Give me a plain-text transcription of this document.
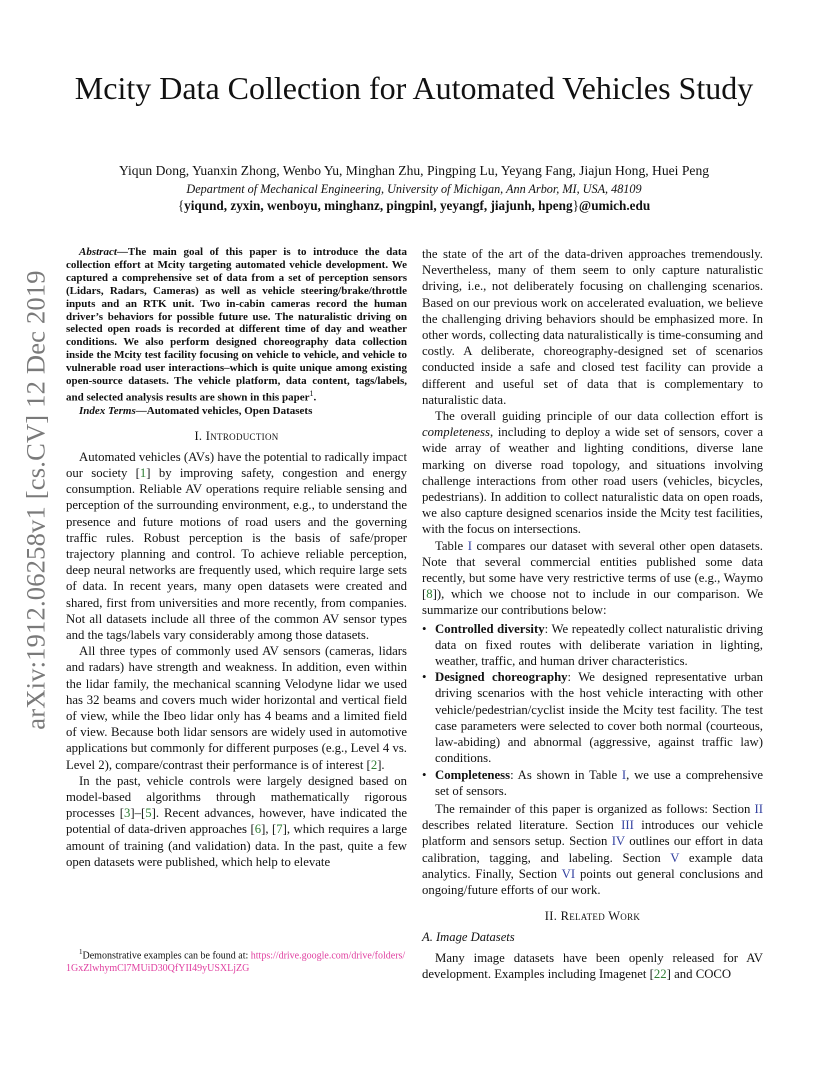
arXiv:1912.06258v1 [cs.CV] 12 Dec 2019
Mcity Data Collection for Automated Vehicles Study
Yiqun Dong, Yuanxin Zhong, Wenbo Yu, Minghan Zhu, Pingping Lu, Yeyang Fang, Jiajun Hong, Huei Peng
Department of Mechanical Engineering, University of Michigan, Ann Arbor, MI, USA, 48109
{yiqund, zyxin, wenboyu, minghanz, pingpinl, yeyangf, jiajunh, hpeng}@umich.edu

Abstract—The main goal of this paper is to introduce the data collection effort at Mcity targeting automated vehicle development. We captured a comprehensive set of data from a set of perception sensors (Lidars, Radars, Cameras) as well as vehicle steering/brake/throttle inputs and an RTK unit. Two in-cabin cameras record the human driver’s behaviors for possible future use. The naturalistic driving on selected open roads is recorded at different time of day and weather conditions. We also perform designed choreography data collection inside the Mcity test facility focusing on vehicle to vehicle, and vehicle to vulnerable road user interactions–which is quite unique among existing open-source datasets. The vehicle platform, data content, tags/labels, and selected analysis results are shown in this paper$^1$.

Index Terms—Automated vehicles, Open Datasets

I. Introduction

Automated vehicles (AVs) have the potential to radically impact our society [1] by improving safety, congestion and energy consumption. Reliable AV operations require reliable sensing and perception of the surrounding environment, e.g., to understand the presence and future motions of road users and the governing traffic rules. Robust perception is the basis of safe/proper trajectory planning and control. To achieve reliable perception, deep neural networks are frequently used, which require large sets of data. In recent years, many open datasets were created and shared, first from universities and more recently, from companies. Not all datasets include all three of the common AV sensor types and the tags/labels vary considerably among those datasets.

All three types of commonly used AV sensors (cameras, lidars and radars) have strength and weakness. In addition, even within the lidar family, the mechanical scanning Velodyne lidar we used has 32 beams and covers much wider horizontal and vertical field of view, while the Ibeo lidar only has 4 beams and a limited field of view. Because both lidar sensors are widely used in automotive applications but commonly for different purposes (e.g., Level 4 vs. Level 2), compare/contrast their performance is of interest [2].

In the past, vehicle controls were largely designed based on model-based algorithms through mathematically rigorous processes [3]–[5]. Recent advances, however, have indicated the potential of data-driven approaches [6], [7], which requires a large amount of training (and validation) data. In the past, quite a few open datasets were published, which help to elevate

$^1$Demonstrative examples can be found at: https://drive.google.com/drive/folders/1GxZlwhymCl7MUiD30QfYII49yUSXLjZG

the state of the art of the data-driven approaches tremendously. Nevertheless, many of them seem to only capture naturalistic driving, i.e., not deliberately focusing on challenging scenarios. Based on our previous work on accelerated evaluation, we believe the challenging driving behaviors should be emphasized more. In other words, collecting data naturalistically is time-consuming and costly. A deliberate, choreography-designed set of scenarios conducted inside a safe and closed test facility can provide a different and useful set of data that is complementary to naturalistic data.

The overall guiding principle of our data collection effort is completeness, including to deploy a wide set of sensors, cover a wide array of weather and lighting conditions, diverse lane marking on diverse road topology, and situations involving challenge interactions from other road users (vehicles, bicycles, pedestrians). In addition to collect naturalistic data on open roads, we also capture designed scenarios inside the Mcity test facilities, with the focus on intersections.

Table I compares our dataset with several other open datasets. Note that several commercial entities published some data recently, but some have very restrictive terms of use (e.g., Waymo [8]), which we choose not to include in our comparison. We summarize our contributions below:

• Controlled diversity: We repeatedly collect naturalistic driving data on fixed routes with deliberate variation in lighting, weather, traffic, and human driver characteristics.
• Designed choreography: We designed representative urban driving scenarios with the host vehicle interacting with other vehicle/pedestrian/cyclist inside the Mcity test facility. The test case parameters were selected to cover both normal (courteous, law-abiding) and abnormal (aggressive, against traffic law) conditions.
• Completeness: As shown in Table I, we use a comprehensive set of sensors.

The remainder of this paper is organized as follows: Section II describes related literature. Section III introduces our vehicle platform and sensors setup. Section IV outlines our effort in data calibration, tagging, and labeling. Section V example data analytics. Finally, Section VI points out general conclusions and ongoing/future efforts of our work.

II. Related Work
A. Image Datasets

Many image datasets have been openly released for AV development. Examples including Imagenet [22] and COCO
